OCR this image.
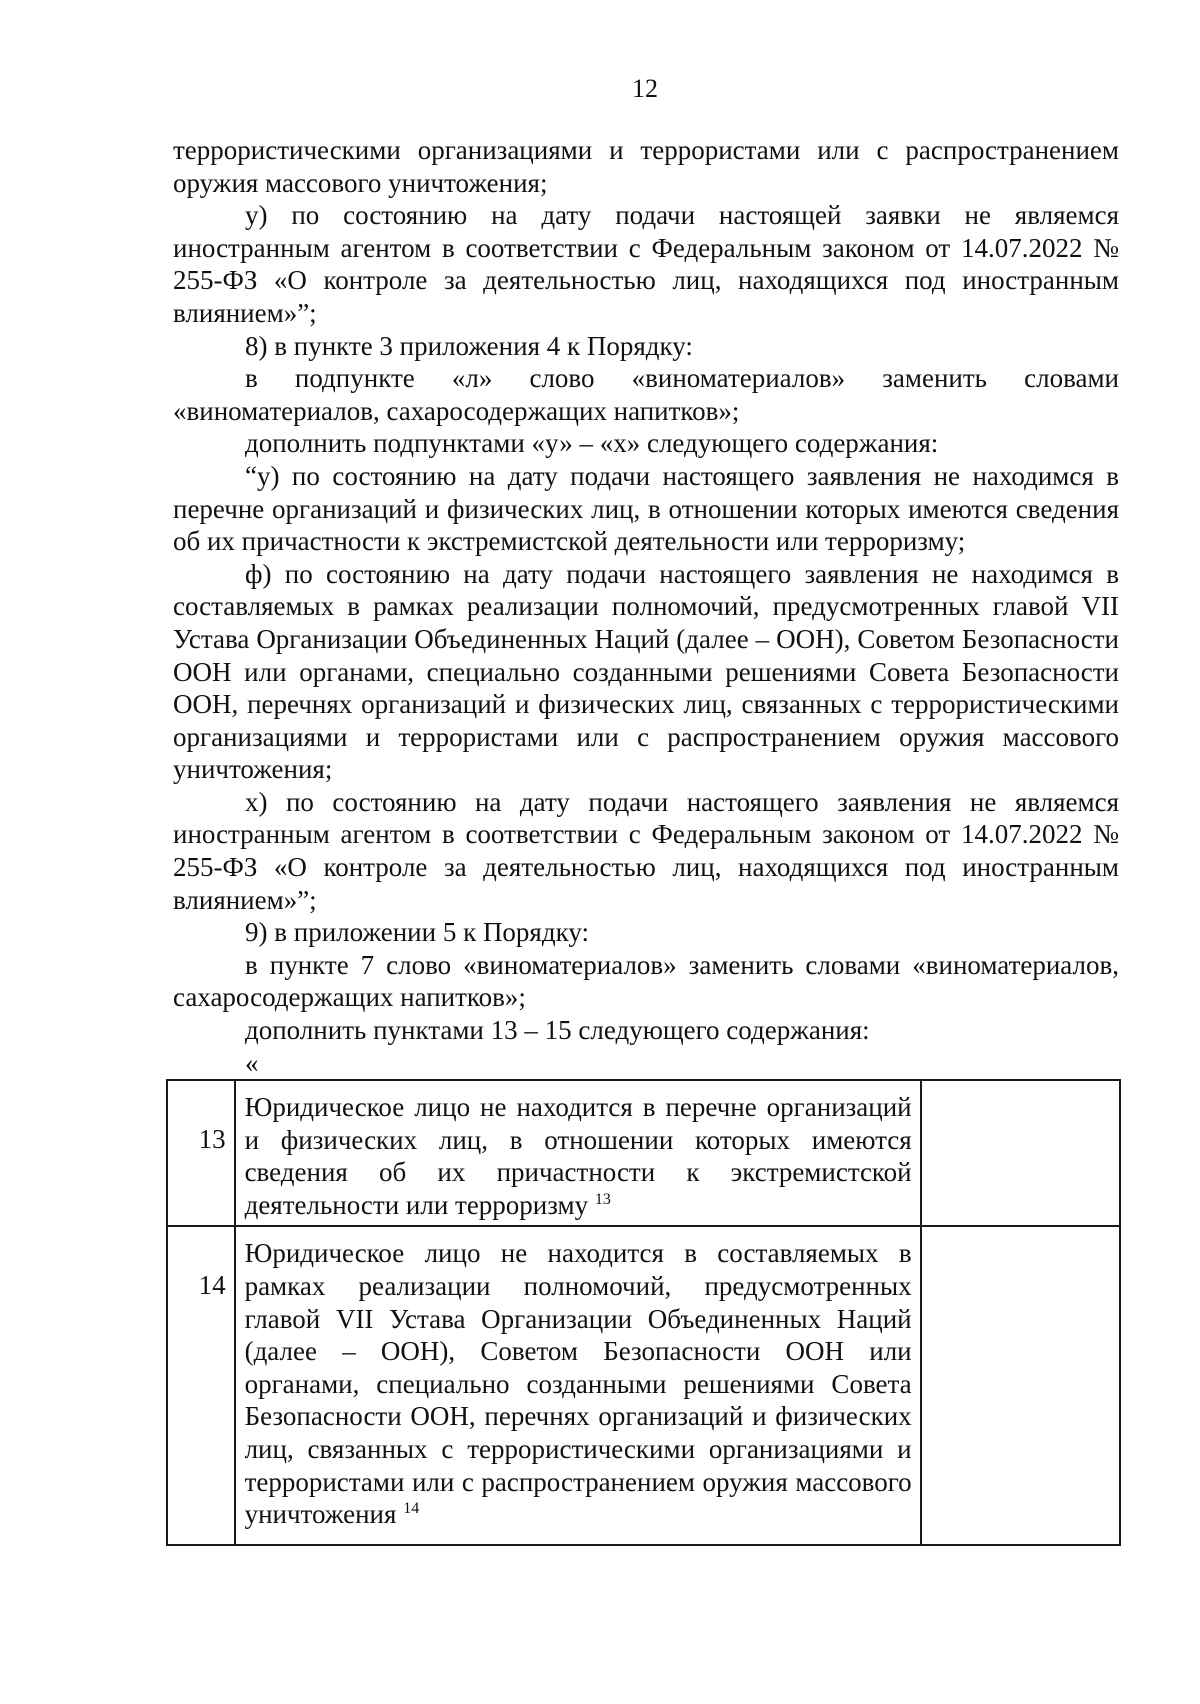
12

террористическими организациями и террористами или с распространением оружия массового уничтожения;

у) по состоянию на дату подачи настоящей заявки не являемся иностранным агентом в соответствии с Федеральным законом от 14.07.2022 № 255-ФЗ «О контроле за деятельностью лиц, находящихся под иностранным влиянием»”;

8) в пункте 3 приложения 4 к Порядку:

в подпункте «л» слово «виноматериалов» заменить словами «виноматериалов, сахаросодержащих напитков»;

дополнить подпунктами «у» – «х» следующего содержания:

“у) по состоянию на дату подачи настоящего заявления не находимся в перечне организаций и физических лиц, в отношении которых имеются сведения об их причастности к экстремистской деятельности или терроризму;

ф) по состоянию на дату подачи настоящего заявления не находимся в составляемых в рамках реализации полномочий, предусмотренных главой VII Устава Организации Объединенных Наций (далее – ООН), Советом Безопасности ООН или органами, специально созданными решениями Совета Безопасности ООН, перечнях организаций и физических лиц, связанных с террористическими организациями и террористами или с распространением оружия массового уничтожения;

х) по состоянию на дату подачи настоящего заявления не являемся иностранным агентом в соответствии с Федеральным законом от 14.07.2022 № 255-ФЗ «О контроле за деятельностью лиц, находящихся под иностранным влиянием»”;

9) в приложении 5 к Порядку:

в пункте 7 слово «виноматериалов» заменить словами «виноматериалов, сахаросодержащих напитков»;

дополнить пунктами 13 – 15 следующего содержания:

«

13	Юридическое лицо не находится в перечне организаций и физических лиц, в отношении которых имеются сведения об их причастности к экстремистской деятельности или терроризму $^{13}$	
14	Юридическое лицо не находится в составляемых в рамках реализации полномочий, предусмотренных главой VII Устава Организации Объединенных Наций (далее – ООН), Советом Безопасности ООН или органами, специально созданными решениями Совета Безопасности ООН, перечнях организаций и физических лиц, связанных с террористическими организациями и террористами или с распространением оружия массового уничтожения $^{14}$	
